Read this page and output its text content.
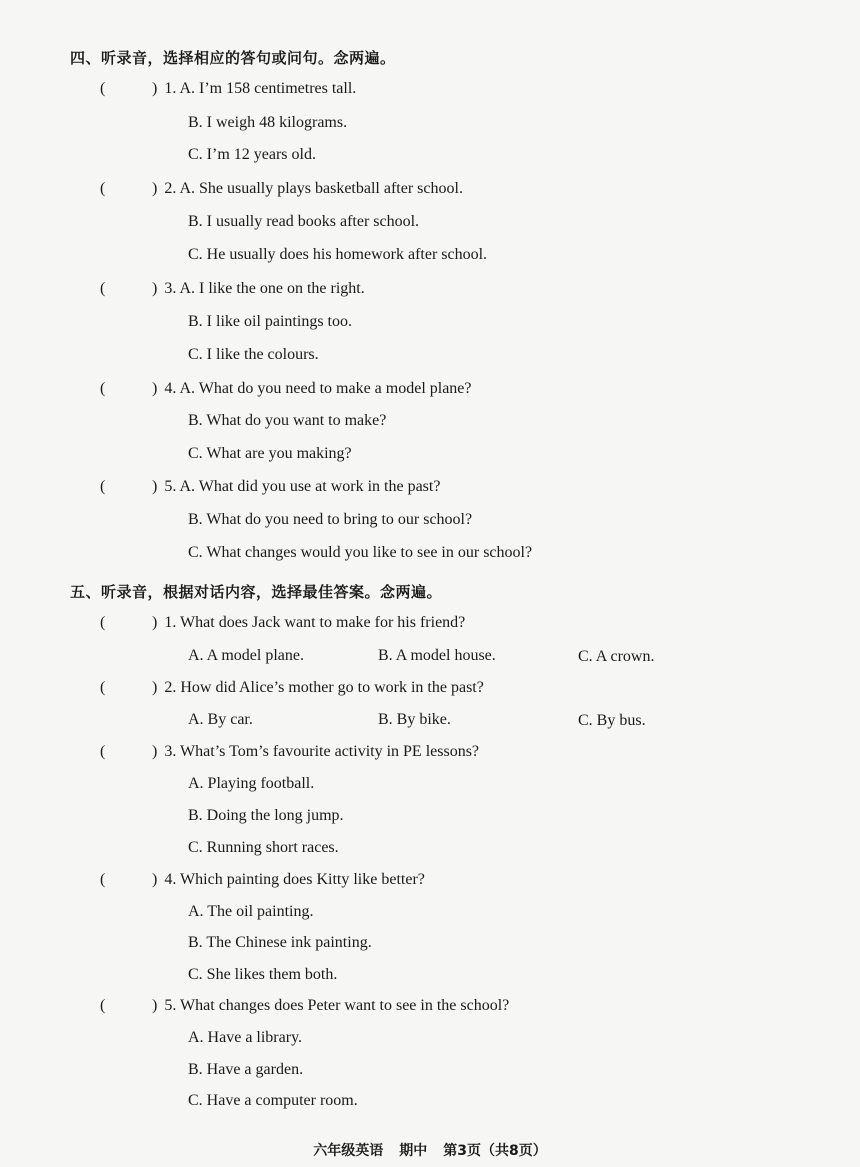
四、听录音，选择相应的答句或问句。念两遍。
(	) 1. A. I’m 158 centimetres tall.
B. I weigh 48 kilograms.
C. I’m 12 years old.
(	) 2. A. She usually plays basketball after school.
B. I usually read books after school.
C. He usually does his homework after school.
(	) 3. A. I like the one on the right.
B. I like oil paintings too.
C. I like the colours.
(	) 4. A. What do you need to make a model plane?
B. What do you want to make?
C. What are you making?
(	) 5. A. What did you use at work in the past?
B. What do you need to bring to our school?
C. What changes would you like to see in our school?
五、听录音，根据对话内容，选择最佳答案。念两遍。
(	) 1. What does Jack want to make for his friend?
A. A model plane.	B. A model house.	C. A crown.
(	) 2. How did Alice’s mother go to work in the past?
A. By car.	B. By bike.	C. By bus.
(	) 3. What’s Tom’s favourite activity in PE lessons?
A. Playing football.
B. Doing the long jump.
C. Running short races.
(	) 4. Which painting does Kitty like better?
A. The oil painting.
B. The Chinese ink painting.
C. She likes them both.
(	) 5. What changes does Peter want to see in the school?
A. Have a library.
B. Have a garden.
C. Have a computer room.
六年级英语 期中 第3页（共8页）
